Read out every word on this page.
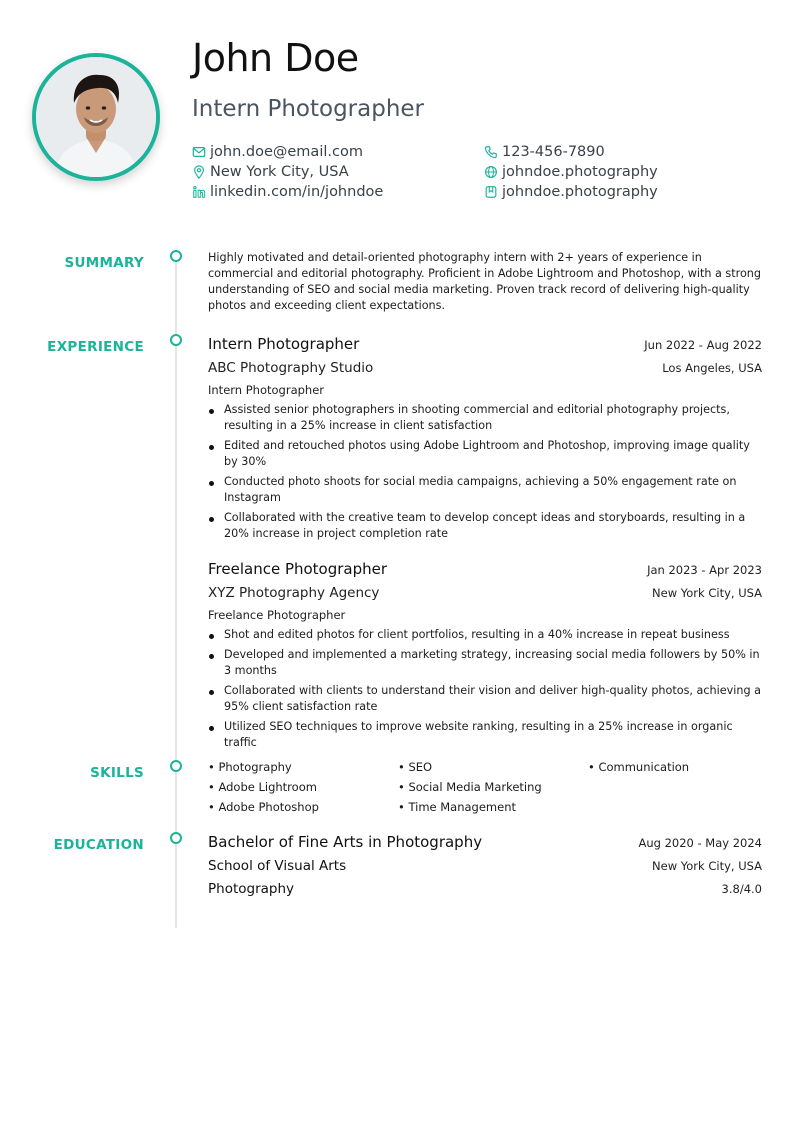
John Doe
Intern Photographer
john.doe@email.com	123-456-7890
New York City, USA	johndoe.photography
linkedin.com/in/johndoe	johndoe.photography
SUMMARY	Highly motivated and detail-oriented photography intern with 2+ years of experience in commercial and editorial photography. Proficient in Adobe Lightroom and Photoshop, with a strong understanding of SEO and social media marketing. Proven track record of delivering high-quality photos and exceeding client expectations.
EXPERIENCE	Intern Photographer	Jun 2022 - Aug 2022
ABC Photography Studio	Los Angeles, USA
Intern Photographer
Assisted senior photographers in shooting commercial and editorial photography projects, resulting in a 25% increase in client satisfaction
Edited and retouched photos using Adobe Lightroom and Photoshop, improving image quality by 30%
Conducted photo shoots for social media campaigns, achieving a 50% engagement rate on Instagram
Collaborated with the creative team to develop concept ideas and storyboards, resulting in a 20% increase in project completion rate
Freelance Photographer	Jan 2023 - Apr 2023
XYZ Photography Agency	New York City, USA
Freelance Photographer
Shot and edited photos for client portfolios, resulting in a 40% increase in repeat business
Developed and implemented a marketing strategy, increasing social media followers by 50% in 3 months
Collaborated with clients to understand their vision and deliver high-quality photos, achieving a 95% client satisfaction rate
Utilized SEO techniques to improve website ranking, resulting in a 25% increase in organic traffic
SKILLS	• Photography	• SEO	• Communication
• Adobe Lightroom	• Social Media Marketing
• Adobe Photoshop	• Time Management
EDUCATION	Bachelor of Fine Arts in Photography	Aug 2020 - May 2024
School of Visual Arts	New York City, USA
Photography	3.8/4.0
